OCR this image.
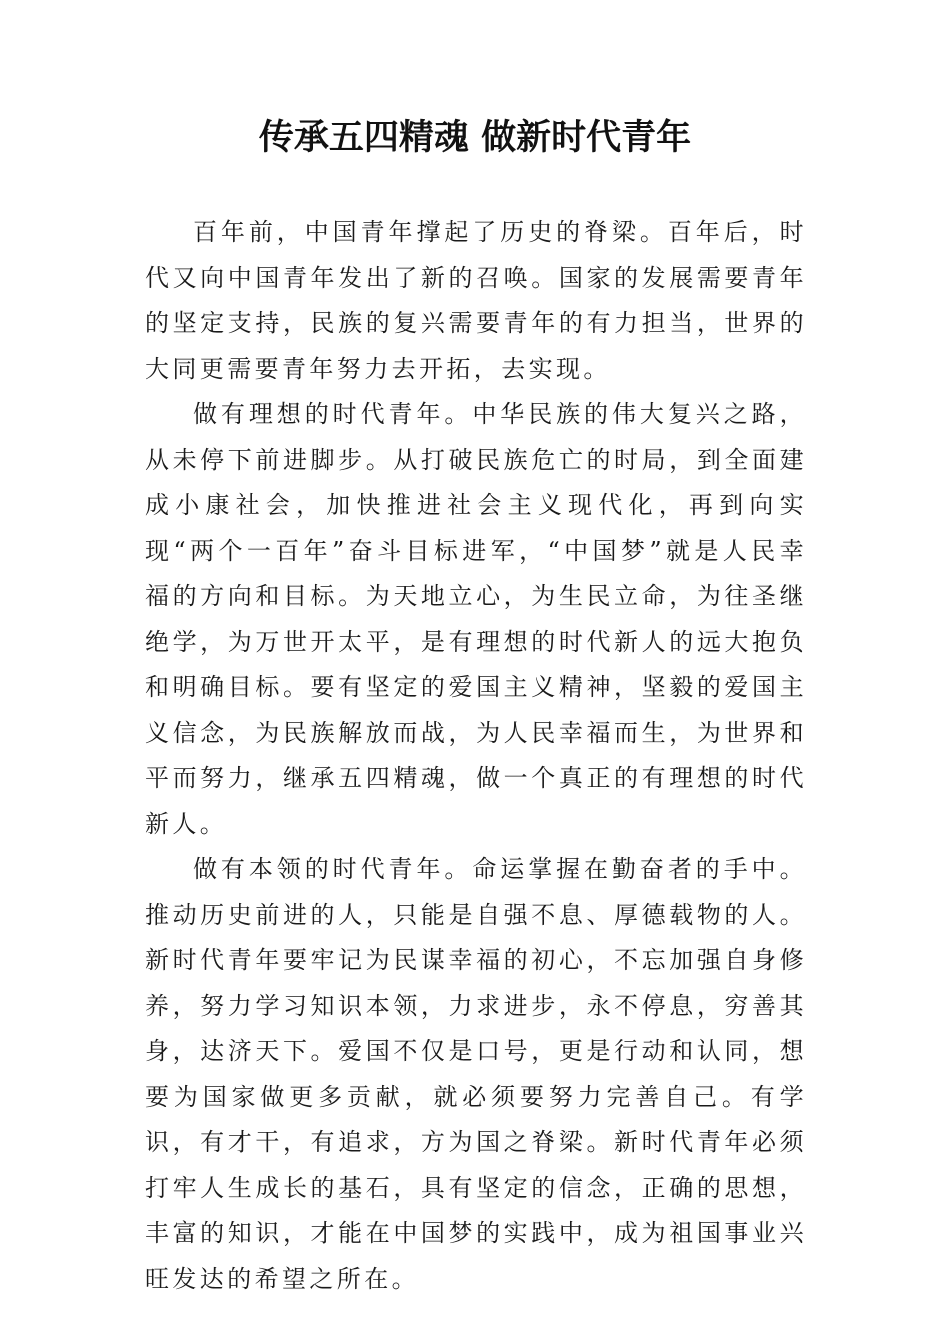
传承五四精魂 做新时代青年

百年前，中国青年撑起了历史的脊梁。百年后，时代又向中国青年发出了新的召唤。国家的发展需要青年的坚定支持，民族的复兴需要青年的有力担当，世界的大同更需要青年努力去开拓，去实现。

做有理想的时代青年。中华民族的伟大复兴之路，从未停下前进脚步。从打破民族危亡的时局，到全面建成小康社会，加快推进社会主义现代化，再到向实现“两个一百年”奋斗目标进军，“中国梦”就是人民幸福的方向和目标。为天地立心，为生民立命，为往圣继绝学，为万世开太平，是有理想的时代新人的远大抱负和明确目标。要有坚定的爱国主义精神，坚毅的爱国主义信念，为民族解放而战，为人民幸福而生，为世界和平而努力，继承五四精魂，做一个真正的有理想的时代新人。

做有本领的时代青年。命运掌握在勤奋者的手中。推动历史前进的人，只能是自强不息、厚德载物的人。新时代青年要牢记为民谋幸福的初心，不忘加强自身修养，努力学习知识本领，力求进步，永不停息，穷善其身，达济天下。爱国不仅是口号，更是行动和认同，想要为国家做更多贡献，就必须要努力完善自己。有学识，有才干，有追求，方为国之脊梁。新时代青年必须打牢人生成长的基石，具有坚定的信念，正确的思想，丰富的知识，才能在中国梦的实践中，成为祖国事业兴旺发达的希望之所在。
